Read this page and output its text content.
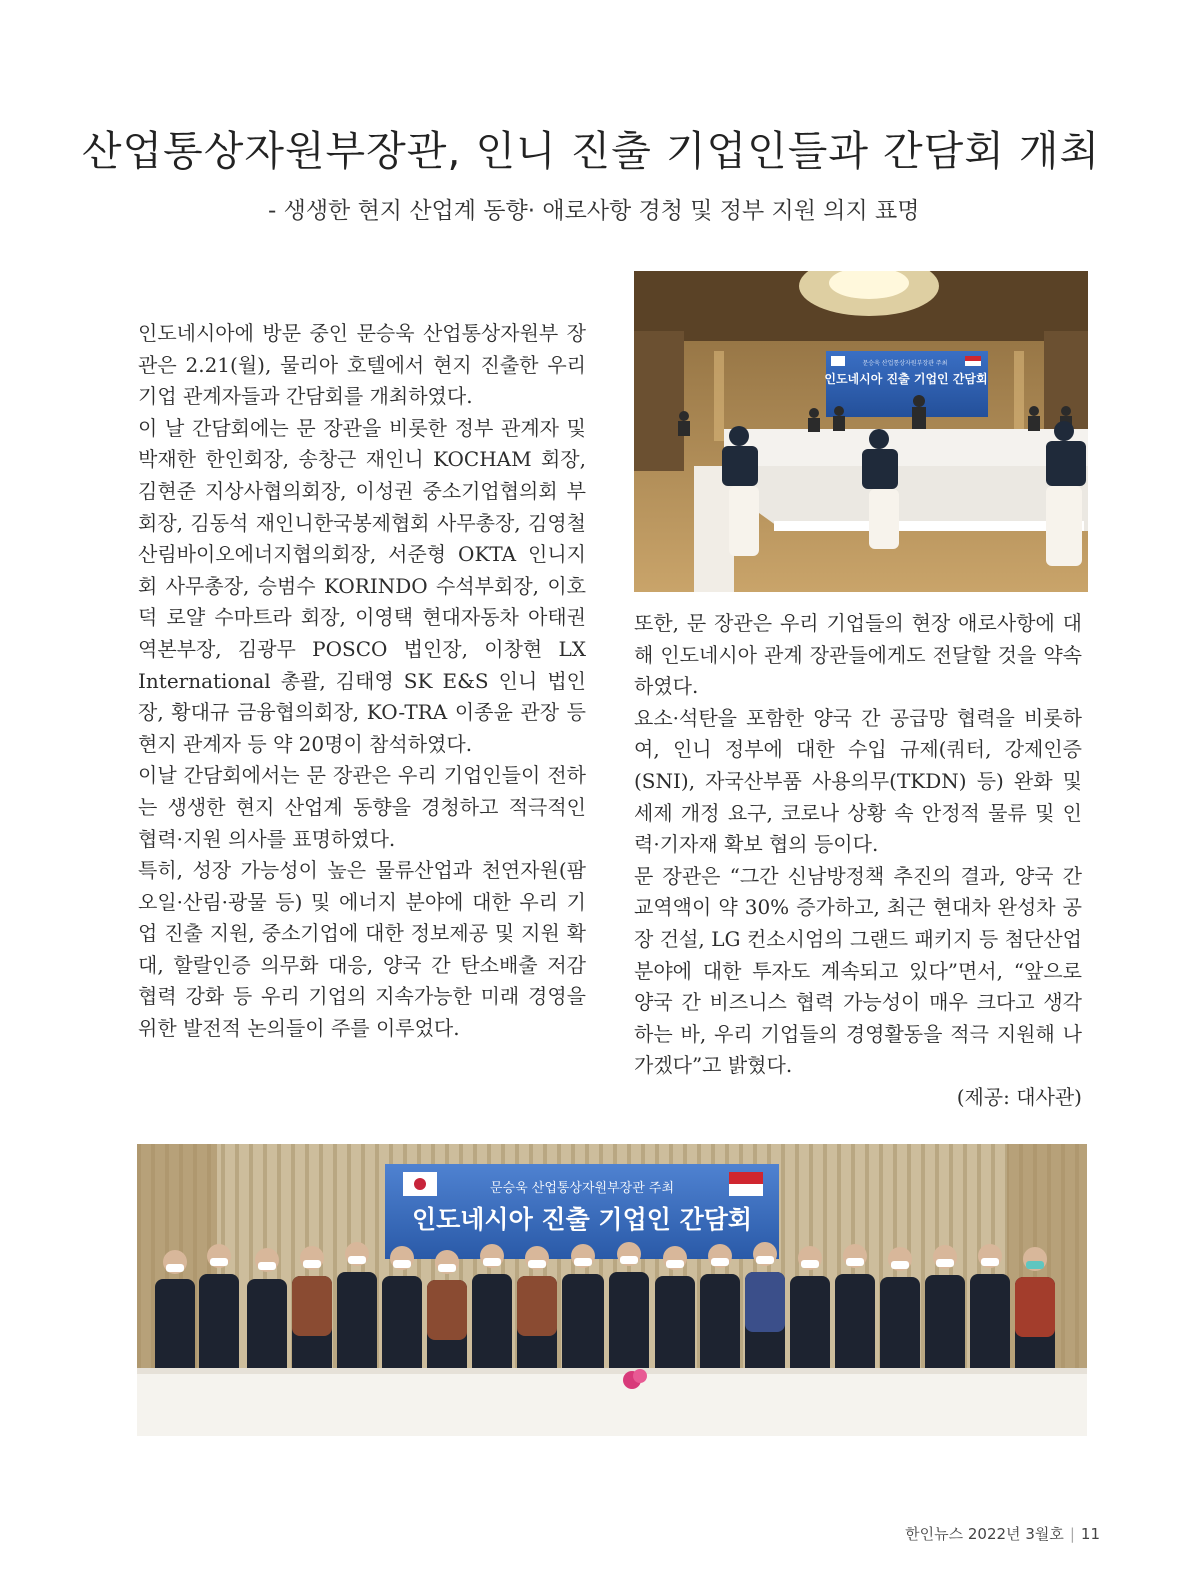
산업통상자원부장관, 인니 진출 기업인들과 간담회 개최

- 생생한 현지 산업계 동향· 애로사항 경청 및 정부 지원 의지 표명

문승욱 산업통상자원부장관 주최
인도네시아 진출 기업인 간담회

인도네시아에 방문 중인 문승욱 산업통상자원부 장관은 2.21(월), 물리아 호텔에서 현지 진출한 우리 기업 관계자들과 간담회를 개최하였다.

이 날 간담회에는 문 장관을 비롯한 정부 관계자 및 박재한 한인회장, 송창근 재인니 KOCHAM 회장, 김현준 지상사협의회장, 이성권 중소기업협의회 부회장, 김동석 재인니한국봉제협회 사무총장, 김영철 산림바이오에너지협의회장, 서준형 OKTA 인니지회 사무총장, 승범수 KORINDO 수석부회장, 이호덕 로얄 수마트라 회장, 이영택 현대자동차 아태권역본부장, 김광무 POSCO 법인장, 이창현 LX International 총괄, 김태영 SK E&S 인니 법인장, 황대규 금융협의회장, KO-TRA 이종윤 관장 등 현지 관계자 등 약 20명이 참석하였다.

이날 간담회에서는 문 장관은 우리 기업인들이 전하는 생생한 현지 산업계 동향을 경청하고 적극적인 협력·지원 의사를 표명하였다.

특히, 성장 가능성이 높은 물류산업과 천연자원(팜오일·산림·광물 등) 및 에너지 분야에 대한 우리 기업 진출 지원, 중소기업에 대한 정보제공 및 지원 확대, 할랄인증 의무화 대응, 양국 간 탄소배출 저감 협력 강화 등 우리 기업의 지속가능한 미래 경영을 위한 발전적 논의들이 주를 이루었다.

또한, 문 장관은 우리 기업들의 현장 애로사항에 대해 인도네시아 관계 장관들에게도 전달할 것을 약속하였다.

요소·석탄을 포함한 양국 간 공급망 협력을 비롯하여, 인니 정부에 대한 수입 규제(쿼터, 강제인증(SNI), 자국산부품 사용의무(TKDN) 등) 완화 및 세제 개정 요구, 코로나 상황 속 안정적 물류 및 인력·기자재 확보 협의 등이다.

문 장관은 “그간 신남방정책 추진의 결과, 양국 간 교역액이 약 30% 증가하고, 최근 현대차 완성차 공장 건설, LG 컨소시엄의 그랜드 패키지 등 첨단산업 분야에 대한 투자도 계속되고 있다”면서, “앞으로 양국 간 비즈니스 협력 가능성이 매우 크다고 생각하는 바, 우리 기업들의 경영활동을 적극 지원해 나가겠다”고 밝혔다.

(제공: 대사관)

문승욱 산업통상자원부장관 주최
인도네시아 진출 기업인 간담회
한인뉴스 2022년 3월호 | 11
